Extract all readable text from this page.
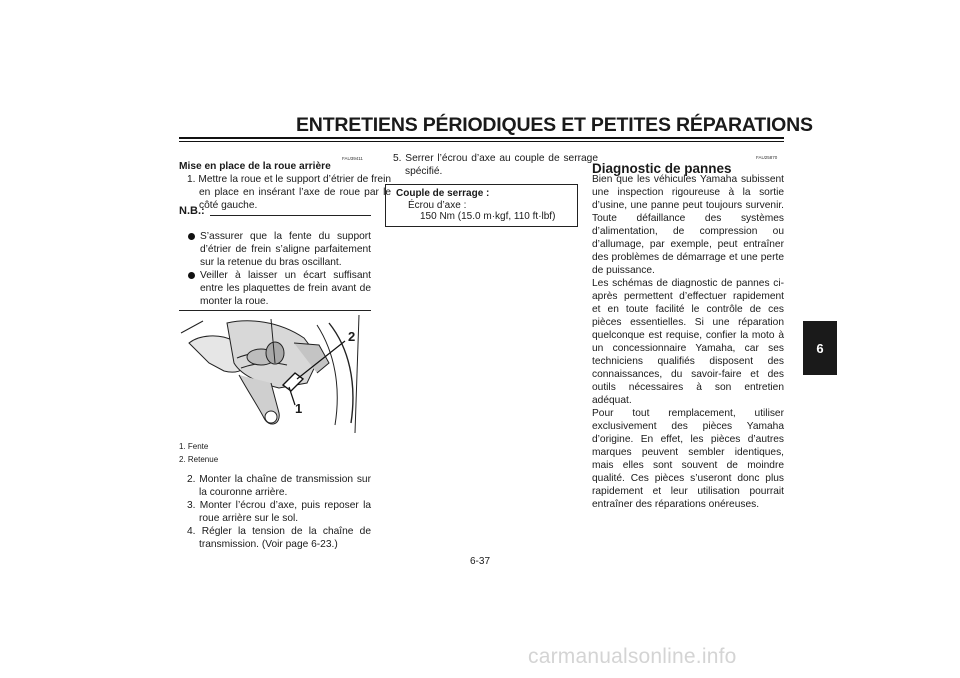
ENTRETIENS PÉRIODIQUES ET PETITES RÉPARATIONS
6
FAU39411
Mise en place de la roue arrière
1. Mettre la roue et le support d’étrier de frein en place en insérant l’axe de roue par le côté gauche.
N.B.:
S’assurer que la fente du support d’étrier de frein s’aligne parfaitement sur la retenue du bras oscillant.
Veiller à laisser un écart suffisant entre les plaquettes de frein avant de monter la roue.
2
1
1. Fente
2. Retenue
2. Monter la chaîne de transmission sur la couronne arrière.
3. Monter l’écrou d’axe, puis reposer la roue arrière sur le sol.
4. Régler la tension de la chaîne de transmission. (Voir page 6-23.)
5. Serrer l’écrou d’axe au couple de serrage spécifié.
Couple de serrage :
Écrou d’axe :
150 Nm (15.0 m·kgf, 110 ft·lbf)
FAU25870
Diagnostic de pannes
Bien que les véhicules Yamaha subissent une inspection rigoureuse à la sortie d’usine, une panne peut toujours survenir. Toute défaillance des systèmes d’alimentation, de compression ou d’allumage, par exemple, peut entraîner des problèmes de démarrage et une perte de puissance.
Les schémas de diagnostic de pannes ci-après permettent d’effectuer rapidement et en toute facilité le contrôle de ces pièces essentielles. Si une réparation quelconque est requise, confier la moto à un concessionnaire Yamaha, car ses techniciens qualifiés disposent des connaissances, du savoir-faire et des outils nécessaires à son entretien adéquat.
Pour tout remplacement, utiliser exclusivement des pièces Yamaha d’origine. En effet, les pièces d’autres marques peuvent sembler identiques, mais elles sont souvent de moindre qualité. Ces pièces s’useront donc plus rapidement et leur utilisation pourrait entraîner des réparations onéreuses.
6-37
carmanualsonline.info
